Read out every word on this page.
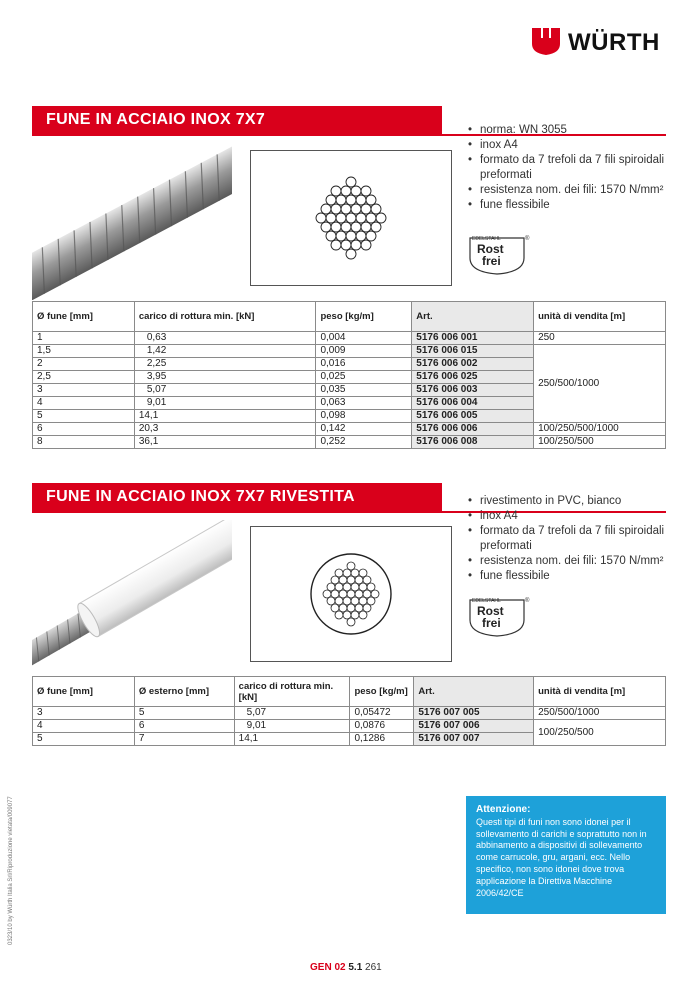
WÜRTH
FUNE IN ACCIAIO INOX 7X7
• norma: WN 3055
• inox A4
• formato da 7 trefoli da 7 fili spiroidali preformati
• resistenza nom. dei fili: 1570 N/mm²
• fune flessibile
EDELSTAHL
Rost
frei
®
Ø fune [mm]	carico di rottura min. [kN]	peso [kg/m]	Art.	unità di vendita [m]
1	0,63	0,004	5176 006 001	250
1,5	1,42	0,009	5176 006 015	250/500/1000
2	2,25	0,016	5176 006 002	
2,5	3,95	0,025	5176 006 025	
3	5,07	0,035	5176 006 003	
4	9,01	0,063	5176 006 004	
5	14,1	0,098	5176 006 005	
6	20,3	0,142	5176 006 006	100/250/500/1000
8	36,1	0,252	5176 006 008	100/250/500
FUNE IN ACCIAIO INOX 7X7 RIVESTITA	• rivestimento in PVC, bianco
• inox A4
• formato da 7 trefoli da 7 fili spiroidali preformati
• resistenza nom. dei fili: 1570 N/mm²
• fune flessibile
EDELSTAHL
Rost
frei
®
Ø fune [mm]	Ø esterno [mm]	carico di rottura min. [kN]	peso [kg/m]	Art.	unità di vendita [m]
3	5	5,07	0,05472	5176 007 005	250/500/1000
4	6	9,01	0,0876	5176 007 006	100/250/500
5	7	14,1	0,1286	5176 007 007	
Attenzione:
Questi tipi di funi non sono idonei per il sollevamento di carichi e soprattutto non in abbinamento a dispositivi di sollevamento come carrucole, gru, argani, ecc. Nello specifico, non sono idonei dove trova applicazione la Direttiva Macchine 2006/42/CE
0323/10 by Würth Italia Srl/Riproduzione vietata/009077
GEN 02 5.1 261
